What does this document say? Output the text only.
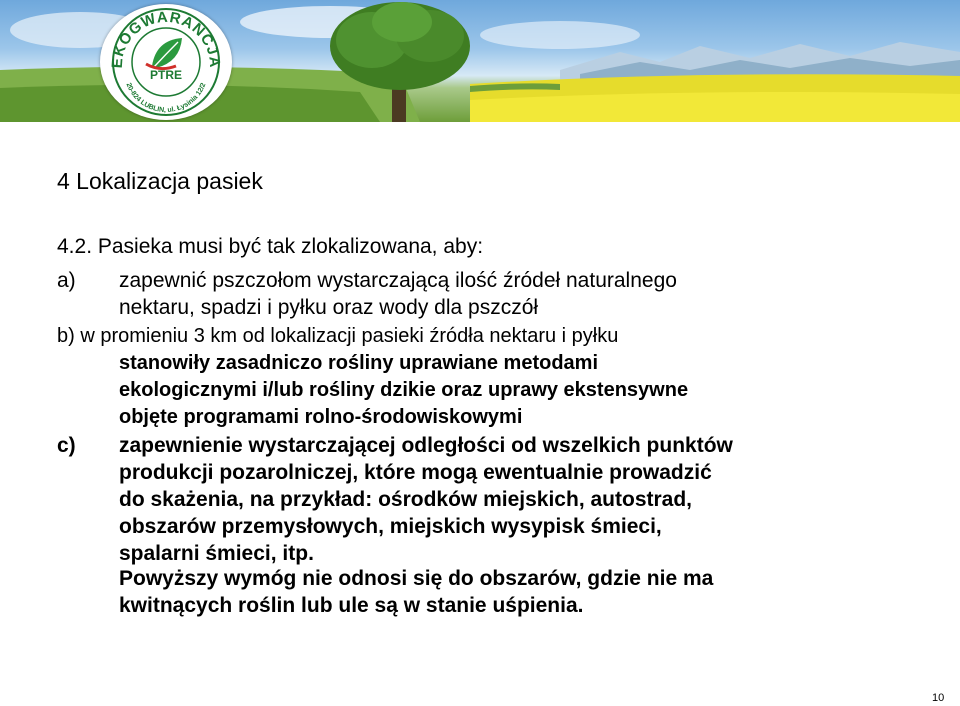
EKOGWARANCJA
20-824 LUBLIN, ul. Łysinia 12/2
PTRE
4 Lokalizacja pasiek
4.2. Pasieka musi być tak zlokalizowana, aby:
a)	zapewnić pszczołom wystarczającą ilość źródeł naturalnego
nektaru, spadzi i pyłku oraz wody dla pszczół
b) w promieniu 3 km od lokalizacji pasieki źródła nektaru i pyłku
stanowiły zasadniczo rośliny uprawiane metodami
ekologicznymi i/lub rośliny dzikie oraz uprawy ekstensywne
objęte programami rolno-środowiskowymi
c)	zapewnienie wystarczającej odległości od wszelkich punktów
produkcji pozarolniczej, które mogą ewentualnie prowadzić
do skażenia, na przykład: ośrodków miejskich, autostrad,
obszarów przemysłowych, miejskich wysypisk śmieci,
spalarni śmieci, itp.
Powyższy wymóg nie odnosi się do obszarów, gdzie nie ma
kwitnących roślin lub ule są w stanie uśpienia.
10
